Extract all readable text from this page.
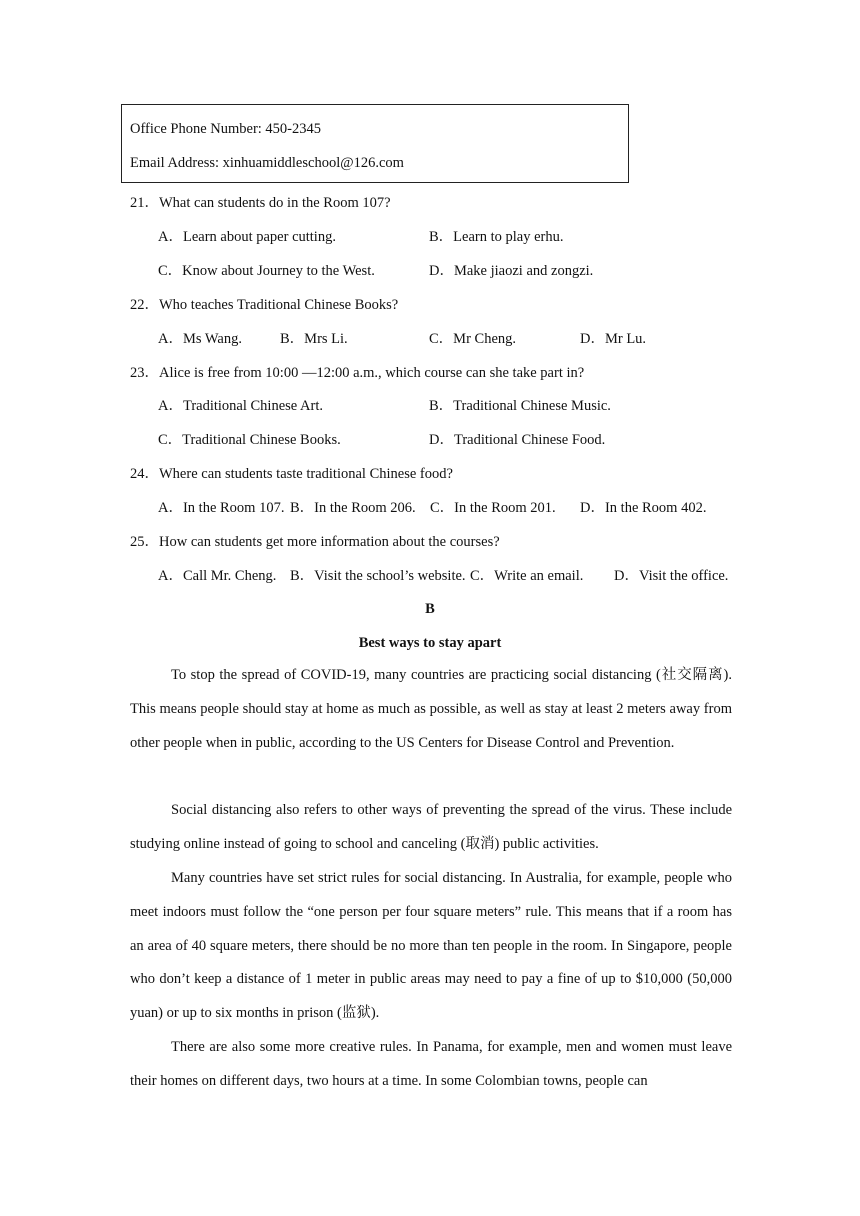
Office Phone Number: 450-2345
Email Address: xinhuamiddleschool@126.com
21．What can students do in the Room 107?
A．Learn about paper cutting.	B．Learn to play erhu.
C．Know about Journey to the West.	D．Make jiaozi and zongzi.
22．Who teaches Traditional Chinese Books?
A．Ms Wang.	B．Mrs Li.	C．Mr Cheng.	D．Mr Lu.
23．Alice is free from 10:00 —12:00 a.m., which course can she take part in?
A．Traditional Chinese Art.	B．Traditional Chinese Music.
C．Traditional Chinese Books.	D．Traditional Chinese Food.
24．Where can students taste traditional Chinese food?
A．In the Room 107. B．In the Room 206. C．In the Room 201. D．In the Room 402.
25．How can students get more information about the courses?
A．Call Mr. Cheng. B．Visit the school’s website. C．Write an email. D．Visit the office.
B
Best ways to stay apart
To stop the spread of COVID-19, many countries are practicing social distancing (社交隔离). This means people should stay at home as much as possible, as well as stay at least 2 meters away from other people when in public, according to the US Centers for Disease Control and Prevention.
Social distancing also refers to other ways of preventing the spread of the virus. These include studying online instead of going to school and canceling (取消) public activities.
Many countries have set strict rules for social distancing. In Australia, for example, people who meet indoors must follow the “one person per four square meters” rule. This means that if a room has an area of 40 square meters, there should be no more than ten people in the room. In Singapore, people who don’t keep a distance of 1 meter in public areas may need to pay a fine of up to $10,000 (50,000 yuan) or up to six months in prison (监狱).
There are also some more creative rules. In Panama, for example, men and women must leave their homes on different days, two hours at a time. In some Colombian towns, people can
